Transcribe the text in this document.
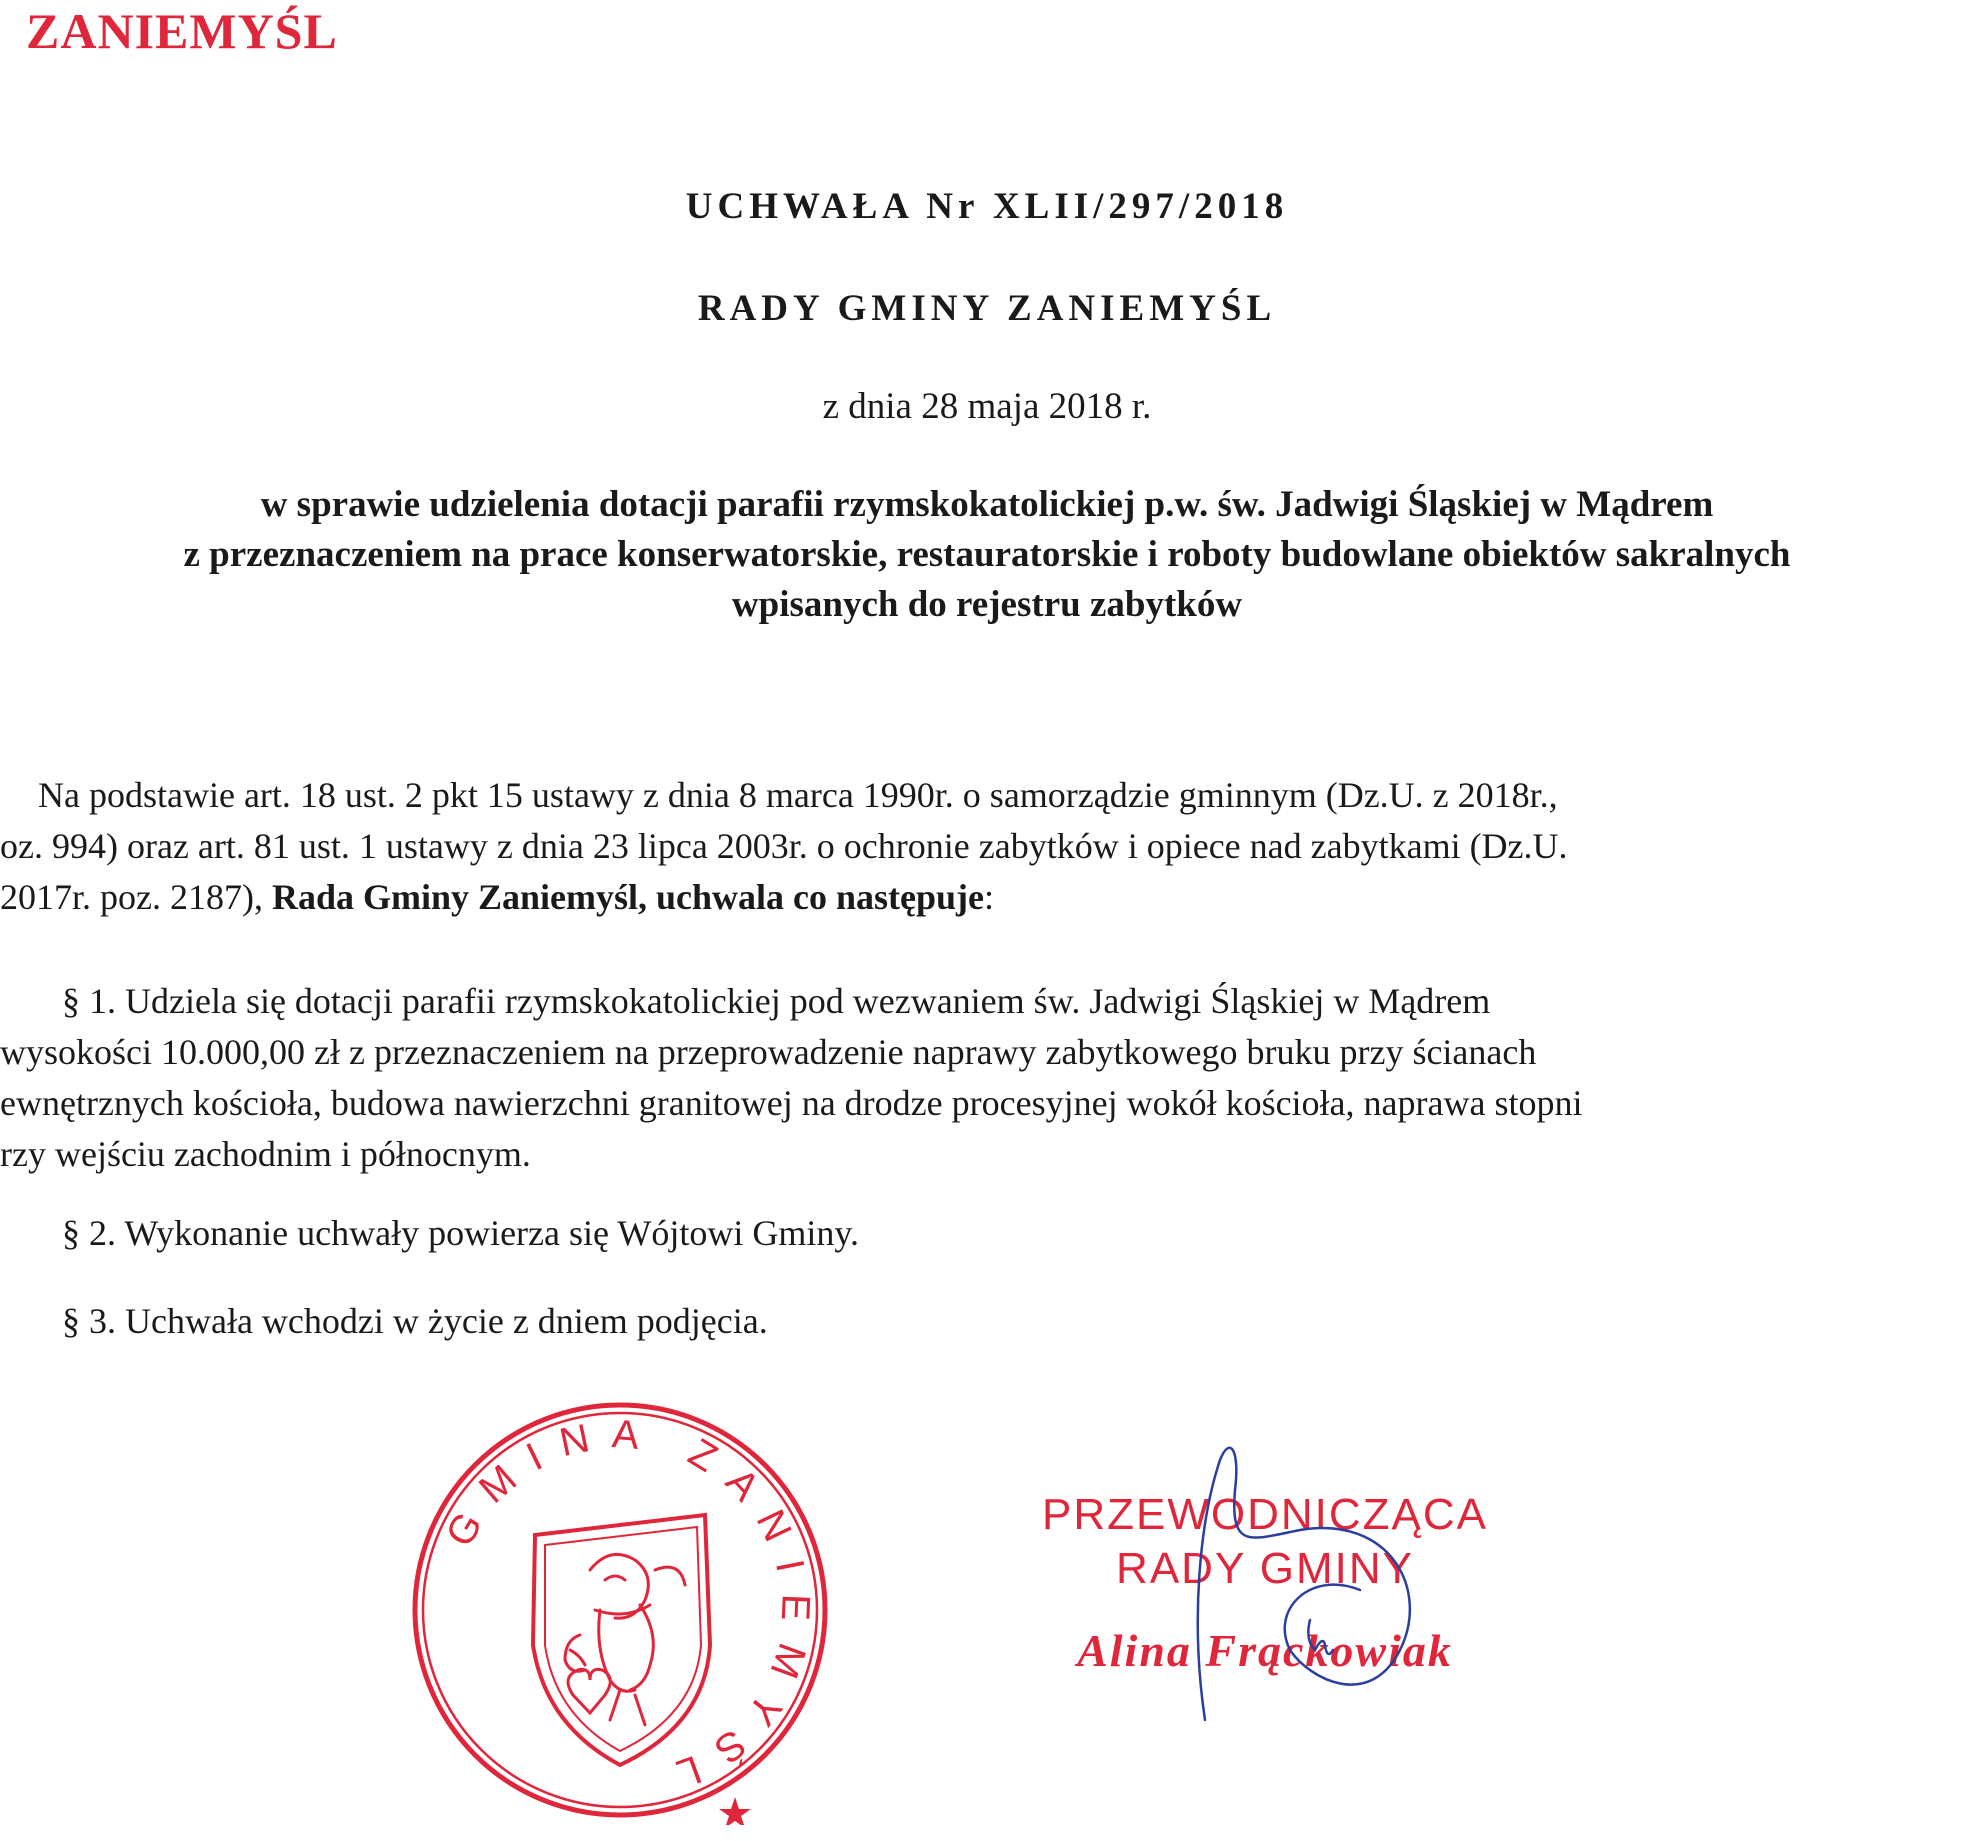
ZANIEMYŚL
UCHWAŁA Nr XLII/297/2018
RADY GMINY ZANIEMYŚL
z dnia 28 maja 2018 r.
w sprawie udzielenia dotacji parafii rzymskokatolickiej p.w. św. Jadwigi Śląskiej w Mądrem
z przeznaczeniem na prace konserwatorskie, restauratorskie i roboty budowlane obiektów sakralnych
wpisanych do rejestru zabytków
Na podstawie art. 18 ust. 2 pkt 15 ustawy z dnia 8 marca 1990r. o samorządzie gminnym (Dz.U. z 2018r.,
oz. 994) oraz art. 81 ust. 1 ustawy z dnia 23 lipca 2003r. o ochronie zabytków i opiece nad zabytkami (Dz.U.
2017r. poz. 2187), Rada Gminy Zaniemyśl, uchwala co następuje:
§ 1. Udziela się dotacji parafii rzymskokatolickiej pod wezwaniem św. Jadwigi Śląskiej w Mądrem
wysokości 10.000,00 zł z przeznaczeniem na przeprowadzenie naprawy zabytkowego bruku przy ścianach
ewnętrznych kościoła, budowa nawierzchni granitowej na drodze procesyjnej wokół kościoła, naprawa stopni
rzy wejściu zachodnim i północnym.
§ 2. Wykonanie uchwały powierza się Wójtowi Gminy.
§ 3. Uchwała wchodzi w życie z dniem podjęcia.
GMINA ZANIEMYŚL
PRZEWODNICZĄCA
RADY GMINY
Alina Frąckowiak
